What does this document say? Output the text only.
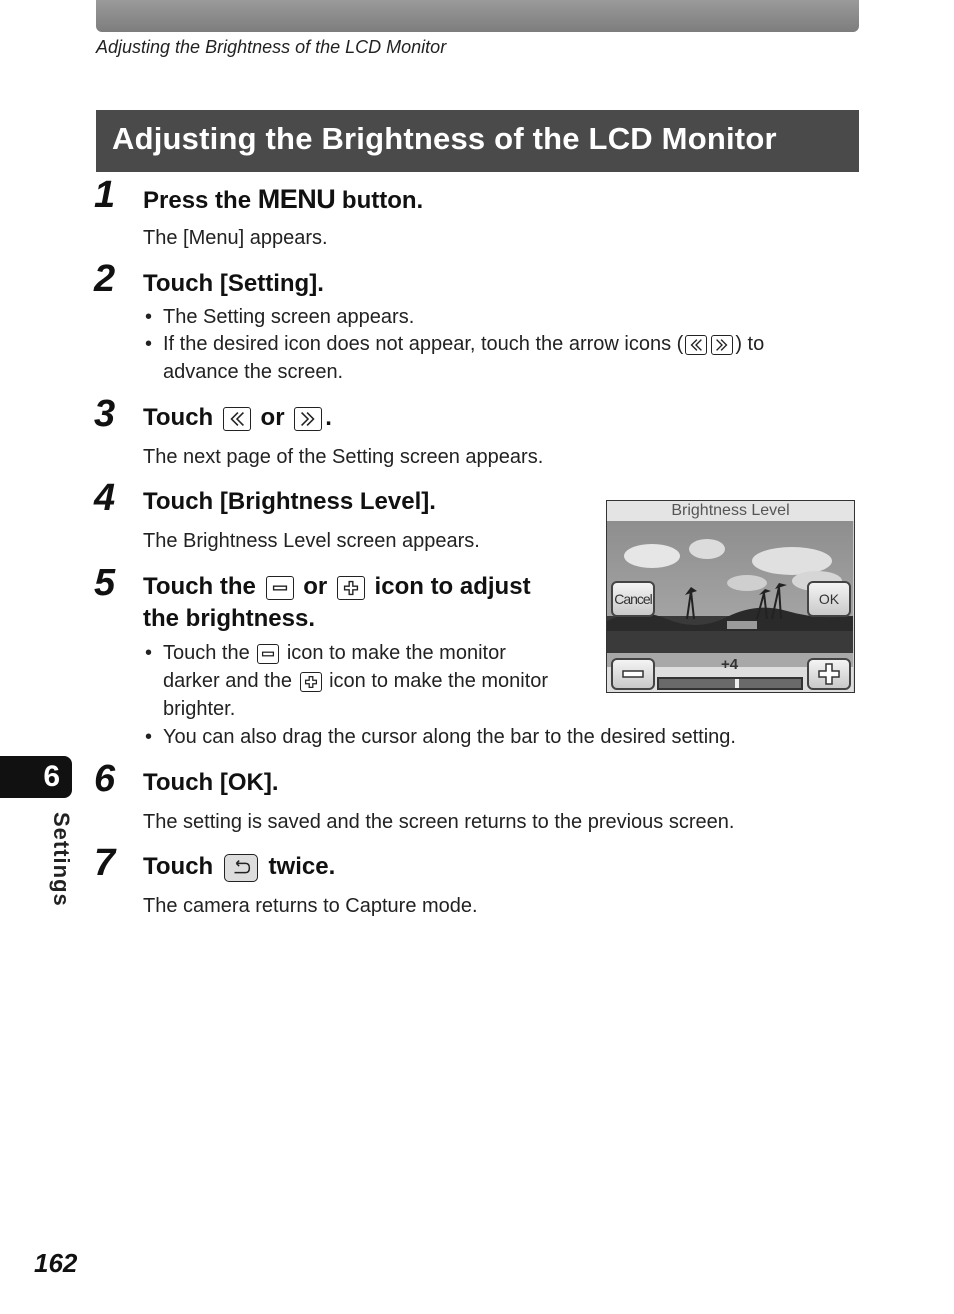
Adjusting the Brightness of the LCD Monitor
Adjusting the Brightness of the LCD Monitor
1 Press the MENU button.
The [Menu] appears.
2 Touch [Setting].
• The Setting screen appears.
• If the desired icon does not appear, touch the arrow icons (	) to
advance the screen.
3 Touch
or
.
The next page of the Setting screen appears.
4 Touch [Brightness Level].
The Brightness Level screen appears.
5 Touch the
or
icon to adjust
the brightness.
• Touch the
icon to make the monitor
darker and the
icon to make the monitor
brighter.
• You can also drag the cursor along the bar to the desired setting.
Brightness Level
Cancel	OK
+4
6 Touch [OK].
The setting is saved and the screen returns to the previous screen.
7 Touch
twice.
The camera returns to Capture mode.
6
Settings
162
